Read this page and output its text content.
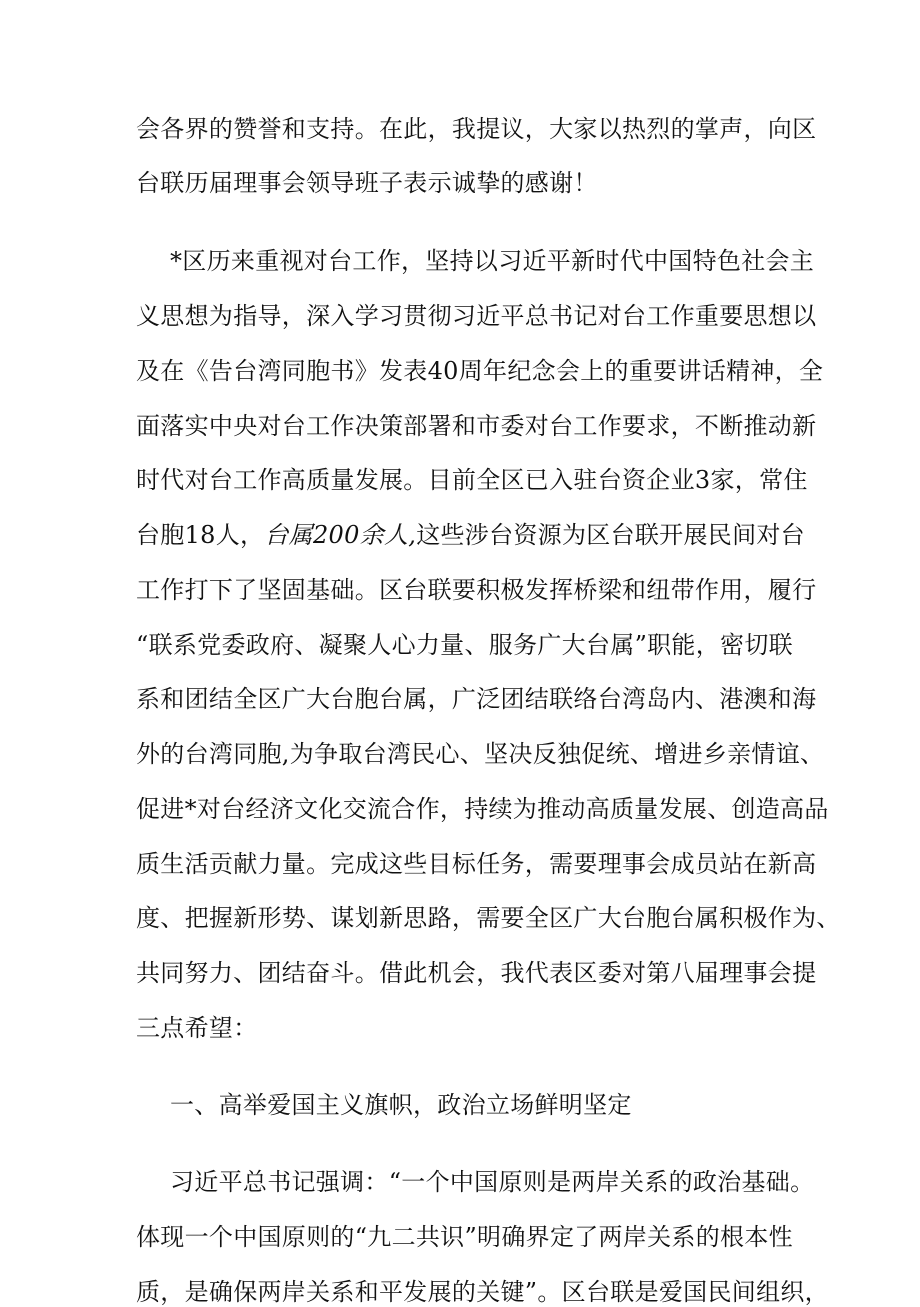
会各界的赞誉和支持。在此，我提议，大家以热烈的掌声，向区
台联历届理事会领导班子表示诚挚的感谢！
*区历来重视对台工作，坚持以习近平新时代中国特色社会主
义思想为指导，深入学习贯彻习近平总书记对台工作重要思想以
及在《告台湾同胞书》发表40周年纪念会上的重要讲话精神，全
面落实中央对台工作决策部署和市委对台工作要求，不断推动新
时代对台工作高质量发展。目前全区已入驻台资企业3家，常住
台胞18人，台属200余人,这些涉台资源为区台联开展民间对台
工作打下了坚固基础。区台联要积极发挥桥梁和纽带作用，履行
“联系党委政府、凝聚人心力量、服务广大台属”职能，密切联
系和团结全区广大台胞台属，广泛团结联络台湾岛内、港澳和海
外的台湾同胞,为争取台湾民心、坚决反独促统、增进乡亲情谊、
促进*对台经济文化交流合作，持续为推动高质量发展、创造高品
质生活贡献力量。完成这些目标任务，需要理事会成员站在新高
度、把握新形势、谋划新思路，需要全区广大台胞台属积极作为、
共同努力、团结奋斗。借此机会，我代表区委对第八届理事会提
三点希望：
一、高举爱国主义旗帜，政治立场鲜明坚定
习近平总书记强调：“一个中国原则是两岸关系的政治基础。
体现一个中国原则的“九二共识”明确界定了两岸关系的根本性
质，是确保两岸关系和平发展的关键”。区台联是爱国民间组织，
